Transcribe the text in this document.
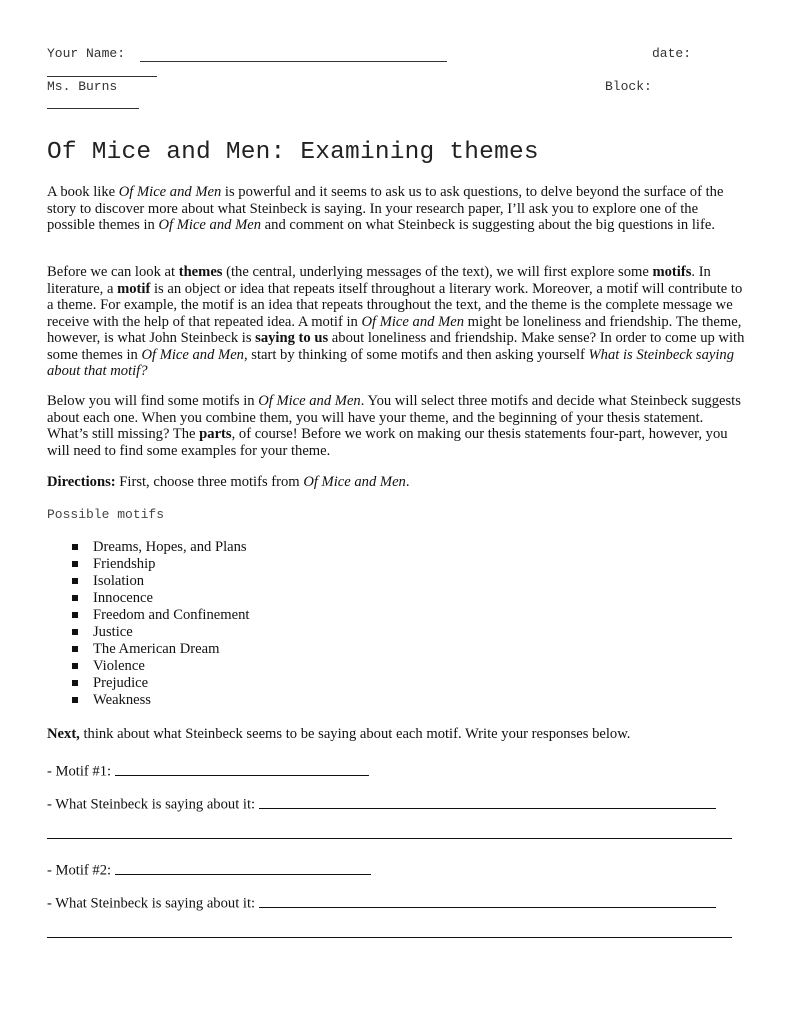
Your Name:	date:
Ms. Burns	Block:
Of Mice and Men: Examining themes

A book like Of Mice and Men is powerful and it seems to ask us to ask questions, to delve beyond the surface of the story to discover more about what Steinbeck is saying. In your research paper, I’ll ask you to explore one of the possible themes in Of Mice and Men and comment on what Steinbeck is suggesting about the big questions in life.

Before we can look at themes (the central, underlying messages of the text), we will first explore some motifs. In literature, a motif is an object or idea that repeats itself throughout a literary work. Moreover, a motif will contribute to a theme. For example, the motif is an idea that repeats throughout the text, and the theme is the complete message we receive with the help of that repeated idea. A motif in Of Mice and Men might be loneliness and friendship. The theme, however, is what John Steinbeck is saying to us about loneliness and friendship. Make sense? In order to come up with some themes in Of Mice and Men, start by thinking of some motifs and then asking yourself What is Steinbeck saying about that motif?

Below you will find some motifs in Of Mice and Men. You will select three motifs and decide what Steinbeck suggests about each one. When you combine them, you will have your theme, and the beginning of your thesis statement. What’s still missing? The parts, of course! Before we work on making our thesis statements four-part, however, you will need to find some examples for your theme.

Directions: First, choose three motifs from Of Mice and Men.

Possible motifs
Dreams, Hopes, and Plans
Friendship
Isolation
Innocence
Freedom and Confinement
Justice
The American Dream
Violence
Prejudice
Weakness

Next, think about what Steinbeck seems to be saying about each motif. Write your responses below.

- Motif #1:
- What Steinbeck is saying about it:
- Motif #2:
- What Steinbeck is saying about it:
